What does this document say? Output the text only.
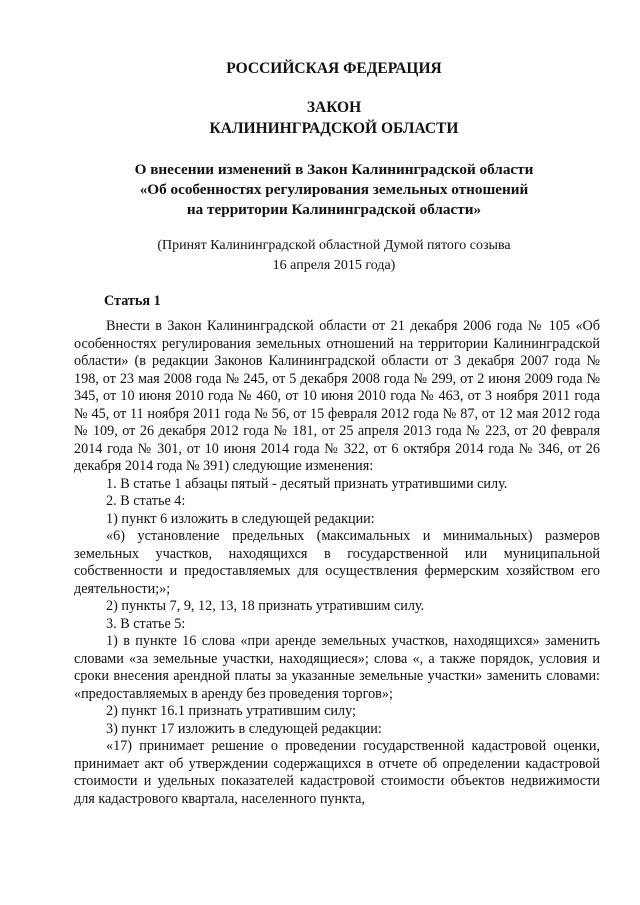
РОССИЙСКАЯ ФЕДЕРАЦИЯ
ЗАКОН
КАЛИНИНГРАДСКОЙ ОБЛАСТИ
О внесении изменений в Закон Калининградской области
«Об особенностях регулирования земельных отношений
на территории Калининградской области»
(Принят Калининградской областной Думой пятого созыва
16 апреля 2015 года)
Статья 1

Внести в Закон Калининградской области от 21 декабря 2006 года № 105 «Об особенностях регулирования земельных отношений на территории Калининградской области» (в редакции Законов Калининградской области от 3 декабря 2007 года № 198, от 23 мая 2008 года № 245, от 5 декабря 2008 года № 299, от 2 июня 2009 года № 345, от 10 июня 2010 года № 460, от 10 июня 2010 года № 463, от 3 ноября 2011 года № 45, от 11 ноября 2011 года № 56, от 15 февраля 2012 года № 87, от 12 мая 2012 года № 109, от 26 декабря 2012 года № 181, от 25 апреля 2013 года № 223, от 20 февраля 2014 года № 301, от 10 июня 2014 года № 322, от 6 октября 2014 года № 346, от 26 декабря 2014 года № 391) следующие изменения:

1. В статье 1 абзацы пятый - десятый признать утратившими силу.

2. В статье 4:

1) пункт 6 изложить в следующей редакции:

«6) установление предельных (максимальных и минимальных) размеров земельных участков, находящихся в государственной или муниципальной собственности и предоставляемых для осуществления фермерским хозяйством его деятельности;»;

2) пункты 7, 9, 12, 13, 18 признать утратившим силу.

3. В статье 5:

1) в пункте 16 слова «при аренде земельных участков, находящихся» заменить словами «за земельные участки, находящиеся»; слова «, а также порядок, условия и сроки внесения арендной платы за указанные земельные участки» заменить словами: «предоставляемых в аренду без проведения торгов»;

2) пункт 16.1 признать утратившим силу;

3) пункт 17 изложить в следующей редакции:

«17) принимает решение о проведении государственной кадастровой оценки, принимает акт об утверждении содержащихся в отчете об определении кадастровой стоимости и удельных показателей кадастровой стоимости объектов недвижимости для кадастрового квартала, населенного пункта,
